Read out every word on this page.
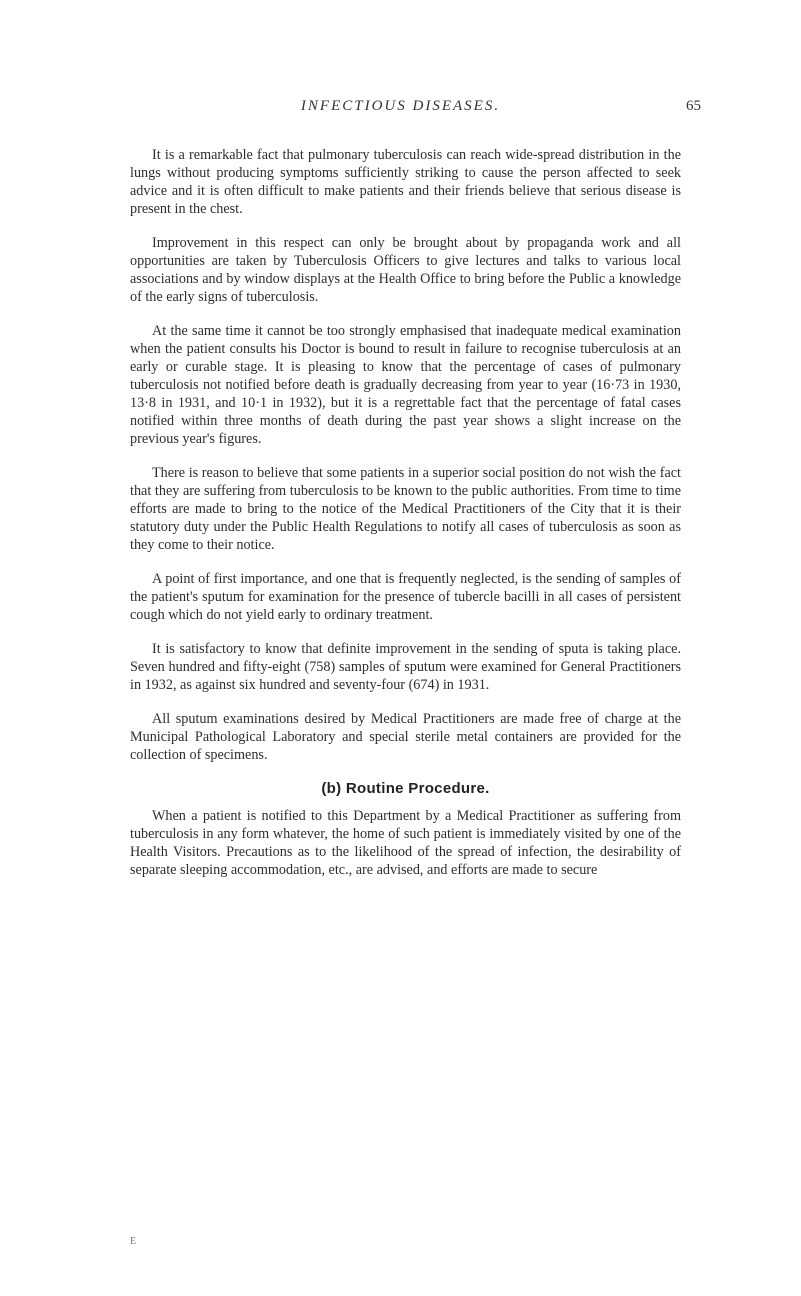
INFECTIOUS DISEASES.	65

It is a remarkable fact that pulmonary tuberculosis can reach wide-spread distribution in the lungs without producing symptoms sufficiently striking to cause the person affected to seek advice and it is often difficult to make patients and their friends believe that serious disease is present in the chest.

Improvement in this respect can only be brought about by propaganda work and all opportunities are taken by Tuberculosis Officers to give lectures and talks to various local associations and by window displays at the Health Office to bring before the Public a knowledge of the early signs of tuberculosis.

At the same time it cannot be too strongly emphasised that inadequate medical examination when the patient consults his Doctor is bound to result in failure to recognise tuberculosis at an early or curable stage. It is pleasing to know that the percentage of cases of pulmonary tuberculosis not notified before death is gradually decreasing from year to year (16·73 in 1930, 13·8 in 1931, and 10·1 in 1932), but it is a regrettable fact that the percentage of fatal cases notified within three months of death during the past year shows a slight increase on the previous year's figures.

There is reason to believe that some patients in a superior social position do not wish the fact that they are suffering from tuberculosis to be known to the public authorities. From time to time efforts are made to bring to the notice of the Medical Practitioners of the City that it is their statutory duty under the Public Health Regulations to notify all cases of tuberculosis as soon as they come to their notice.

A point of first importance, and one that is frequently neglected, is the sending of samples of the patient's sputum for examination for the presence of tubercle bacilli in all cases of persistent cough which do not yield early to ordinary treatment.

It is satisfactory to know that definite improvement in the sending of sputa is taking place. Seven hundred and fifty-eight (758) samples of sputum were examined for General Practitioners in 1932, as against six hundred and seventy-four (674) in 1931.

All sputum examinations desired by Medical Practitioners are made free of charge at the Municipal Pathological Laboratory and special sterile metal containers are provided for the collection of specimens.

(b) Routine Procedure.

When a patient is notified to this Department by a Medical Practitioner as suffering from tuberculosis in any form whatever, the home of such patient is immediately visited by one of the Health Visitors. Precautions as to the likelihood of the spread of infection, the desirability of separate sleeping accommodation, etc., are advised, and efforts are made to secure

E
